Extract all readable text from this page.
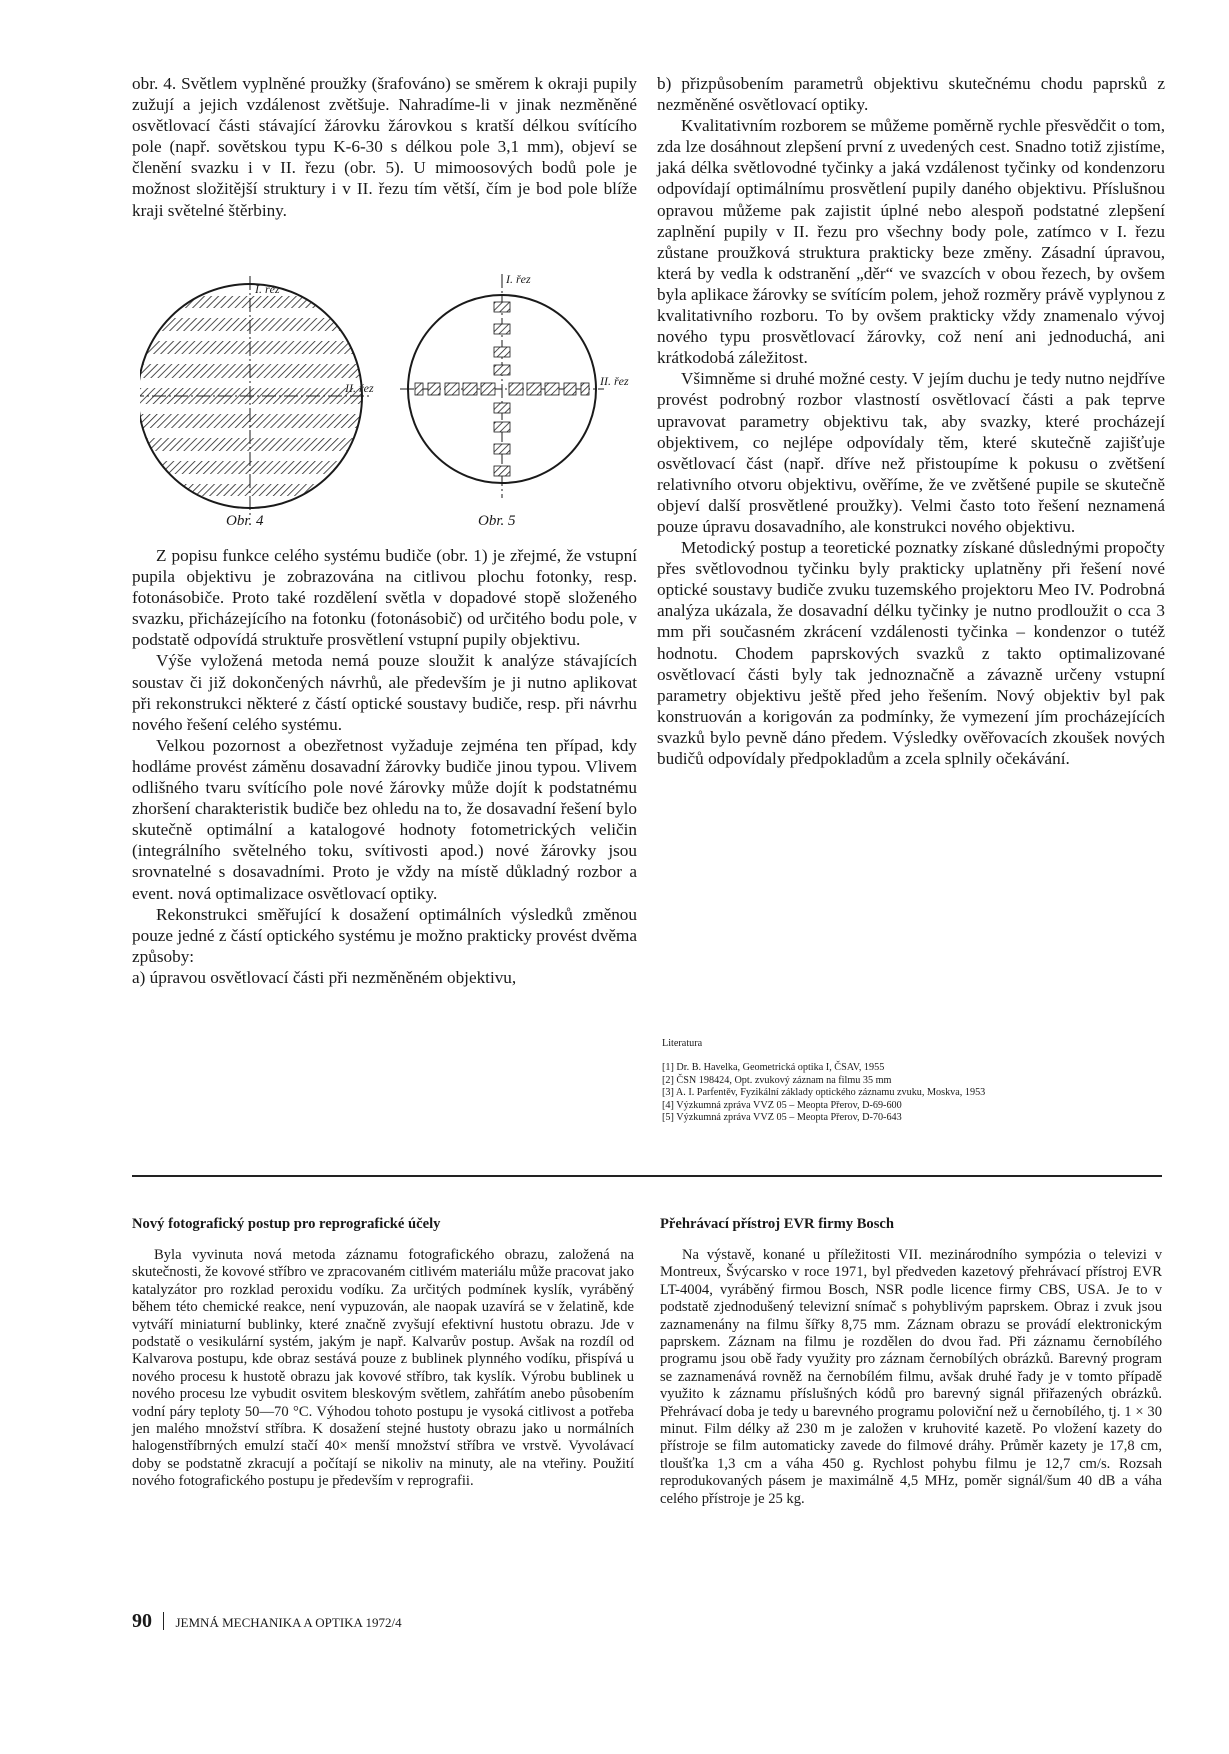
obr. 4. Světlem vyplněné proužky (šrafováno) se směrem k okraji pupily zužují a jejich vzdálenost zvětšuje. Nahradíme-li v jinak nezměněné osvětlovací části stávající žárovku žárovkou s kratší délkou svítícího pole (např. sovětskou typu K-6-30 s délkou pole 3,1 mm), objeví se členění svazku i v II. řezu (obr. 5). U mimoosových bodů pole je možnost složitější struktury i v II. řezu tím větší, čím je bod pole blíže kraji světelné štěrbiny.

I. řez
II. řez
I. řez
II. řez
Obr. 4	Obr. 5

Z popisu funkce celého systému budiče (obr. 1) je zřejmé, že vstupní pupila objektivu je zobrazována na citlivou plochu fotonky, resp. fotonásobiče. Proto také rozdělení světla v dopadové stopě složeného svazku, přicházejícího na fotonku (fotonásobič) od určitého bodu pole, v podstatě odpovídá struktuře prosvětlení vstupní pupily objektivu.

Výše vyložená metoda nemá pouze sloužit k analýze stávajících soustav či již dokončených návrhů, ale především je ji nutno aplikovat při rekonstrukci některé z částí optické soustavy budiče, resp. při návrhu nového řešení celého systému.

Velkou pozornost a obezřetnost vyžaduje zejména ten případ, kdy hodláme provést záměnu dosavadní žárovky budiče jinou typou. Vlivem odlišného tvaru svítícího pole nové žárovky může dojít k podstatnému zhoršení charakteristik budiče bez ohledu na to, že dosavadní řešení bylo skutečně optimální a katalogové hodnoty fotometrických veličin (integrálního světelného toku, svítivosti apod.) nové žárovky jsou srovnatelné s dosavadními. Proto je vždy na místě důkladný rozbor a event. nová optimalizace osvětlovací optiky.

Rekonstrukci směřující k dosažení optimálních výsledků změnou pouze jedné z částí optického systému je možno prakticky provést dvěma způsoby:

a) úpravou osvětlovací části při nezměněném objektivu,

b) přizpůsobením parametrů objektivu skutečnému chodu paprsků z nezměněné osvětlovací optiky.

Kvalitativním rozborem se můžeme poměrně rychle přesvědčit o tom, zda lze dosáhnout zlepšení první z uvedených cest. Snadno totiž zjistíme, jaká délka světlovodné tyčinky a jaká vzdálenost tyčinky od kondenzoru odpovídají optimálnímu prosvětlení pupily daného objektivu. Příslušnou opravou můžeme pak zajistit úplné nebo alespoň podstatné zlepšení zaplnění pupily v II. řezu pro všechny body pole, zatímco v I. řezu zůstane proužková struktura prakticky beze změny. Zásadní úpravou, která by vedla k odstranění „děr“ ve svazcích v obou řezech, by ovšem byla aplikace žárovky se svítícím polem, jehož rozměry právě vyplynou z kvalitativního rozboru. To by ovšem prakticky vždy znamenalo vývoj nového typu prosvětlovací žárovky, což není ani jednoduchá, ani krátkodobá záležitost.

Všimněme si druhé možné cesty. V jejím duchu je tedy nutno nejdříve provést podrobný rozbor vlastností osvětlovací části a pak teprve upravovat parametry objektivu tak, aby svazky, které procházejí objektivem, co nejlépe odpovídaly těm, které skutečně zajišťuje osvětlovací část (např. dříve než přistoupíme k pokusu o zvětšení relativního otvoru objektivu, ověříme, že ve zvětšené pupile se skutečně objeví další prosvětlené proužky). Velmi často toto řešení neznamená pouze úpravu dosavadního, ale konstrukci nového objektivu.

Metodický postup a teoretické poznatky získané důslednými propočty přes světlovodnou tyčinku byly prakticky uplatněny při řešení nové optické soustavy budiče zvuku tuzemského projektoru Meo IV. Podrobná analýza ukázala, že dosavadní délku tyčinky je nutno prodloužit o cca 3 mm při současném zkrácení vzdálenosti tyčinka – kondenzor o tutéž hodnotu. Chodem paprskových svazků z takto optimalizované osvětlovací části byly tak jednoznačně a závazně určeny vstupní parametry objektivu ještě před jeho řešením. Nový objektiv byl pak konstruován a korigován za podmínky, že vymezení jím procházejících svazků bylo pevně dáno předem. Výsledky ověřovacích zkoušek nových budičů odpovídaly předpokladům a zcela splnily očekávání.

Literatura

[1] Dr. B. Havelka, Geometrická optika I, ČSAV, 1955

[2] ČSN 198424, Opt. zvukový záznam na filmu 35 mm

[3] A. I. Parfentěv, Fyzikální základy optického záznamu zvuku, Moskva, 1953

[4] Výzkumná zpráva VVZ 05 – Meopta Přerov, D-69-600

[5] Výzkumná zpráva VVZ 05 – Meopta Přerov, D-70-643

Nový fotografický postup pro reprografické účely

Byla vyvinuta nová metoda záznamu fotografického obrazu, založená na skutečnosti, že kovové stříbro ve zpracovaném citlivém materiálu může pracovat jako katalyzátor pro rozklad peroxidu vodíku. Za určitých podmínek kyslík, vyráběný během této chemické reakce, není vypuzován, ale naopak uzavírá se v želatině, kde vytváří miniaturní bublinky, které značně zvyšují efektivní hustotu obrazu. Jde v podstatě o vesikulární systém, jakým je např. Kalvarův postup. Avšak na rozdíl od Kalvarova postupu, kde obraz sestává pouze z bublinek plynného vodíku, přispívá u nového procesu k hustotě obrazu jak kovové stříbro, tak kyslík. Výrobu bublinek u nového procesu lze vybudit osvitem bleskovým světlem, zahřátím anebo působením vodní páry teploty 50—70 °C. Výhodou tohoto postupu je vysoká citlivost a potřeba jen malého množství stříbra. K dosažení stejné hustoty obrazu jako u normálních halogenstříbrných emulzí stačí 40× menší množství stříbra ve vrstvě. Vyvolávací doby se podstatně zkracují a počítají se nikoliv na minuty, ale na vteřiny. Použití nového fotografického postupu je především v reprografii.

Přehrávací přístroj EVR firmy Bosch

Na výstavě, konané u příležitosti VII. mezinárodního sympózia o televizi v Montreux, Švýcarsko v roce 1971, byl předveden kazetový přehrávací přístroj EVR LT-4004, vyráběný firmou Bosch, NSR podle licence firmy CBS, USA. Je to v podstatě zjednodušený televizní snímač s pohyblivým paprskem. Obraz i zvuk jsou zaznamenány na filmu šířky 8,75 mm. Záznam obrazu se provádí elektronickým paprskem. Záznam na filmu je rozdělen do dvou řad. Při záznamu černobílého programu jsou obě řady využity pro záznam černobílých obrázků. Barevný program se zaznamenává rovněž na černobílém filmu, avšak druhé řady je v tomto případě využito k záznamu příslušných kódů pro barevný signál přiřazených obrázků. Přehrávací doba je tedy u barevného programu poloviční než u černobílého, tj. 1 × 30 minut. Film délky až 230 m je založen v kruhovité kazetě. Po vložení kazety do přístroje se film automaticky zavede do filmové dráhy. Průměr kazety je 17,8 cm, tloušťka 1,3 cm a váha 450 g. Rychlost pohybu filmu je 12,7 cm/s. Rozsah reprodukovaných pásem je maximálně 4,5 MHz, poměr signál/šum 40 dB a váha celého přístroje je 25 kg.

90 JEMNÁ MECHANIKA A OPTIKA 1972/4
